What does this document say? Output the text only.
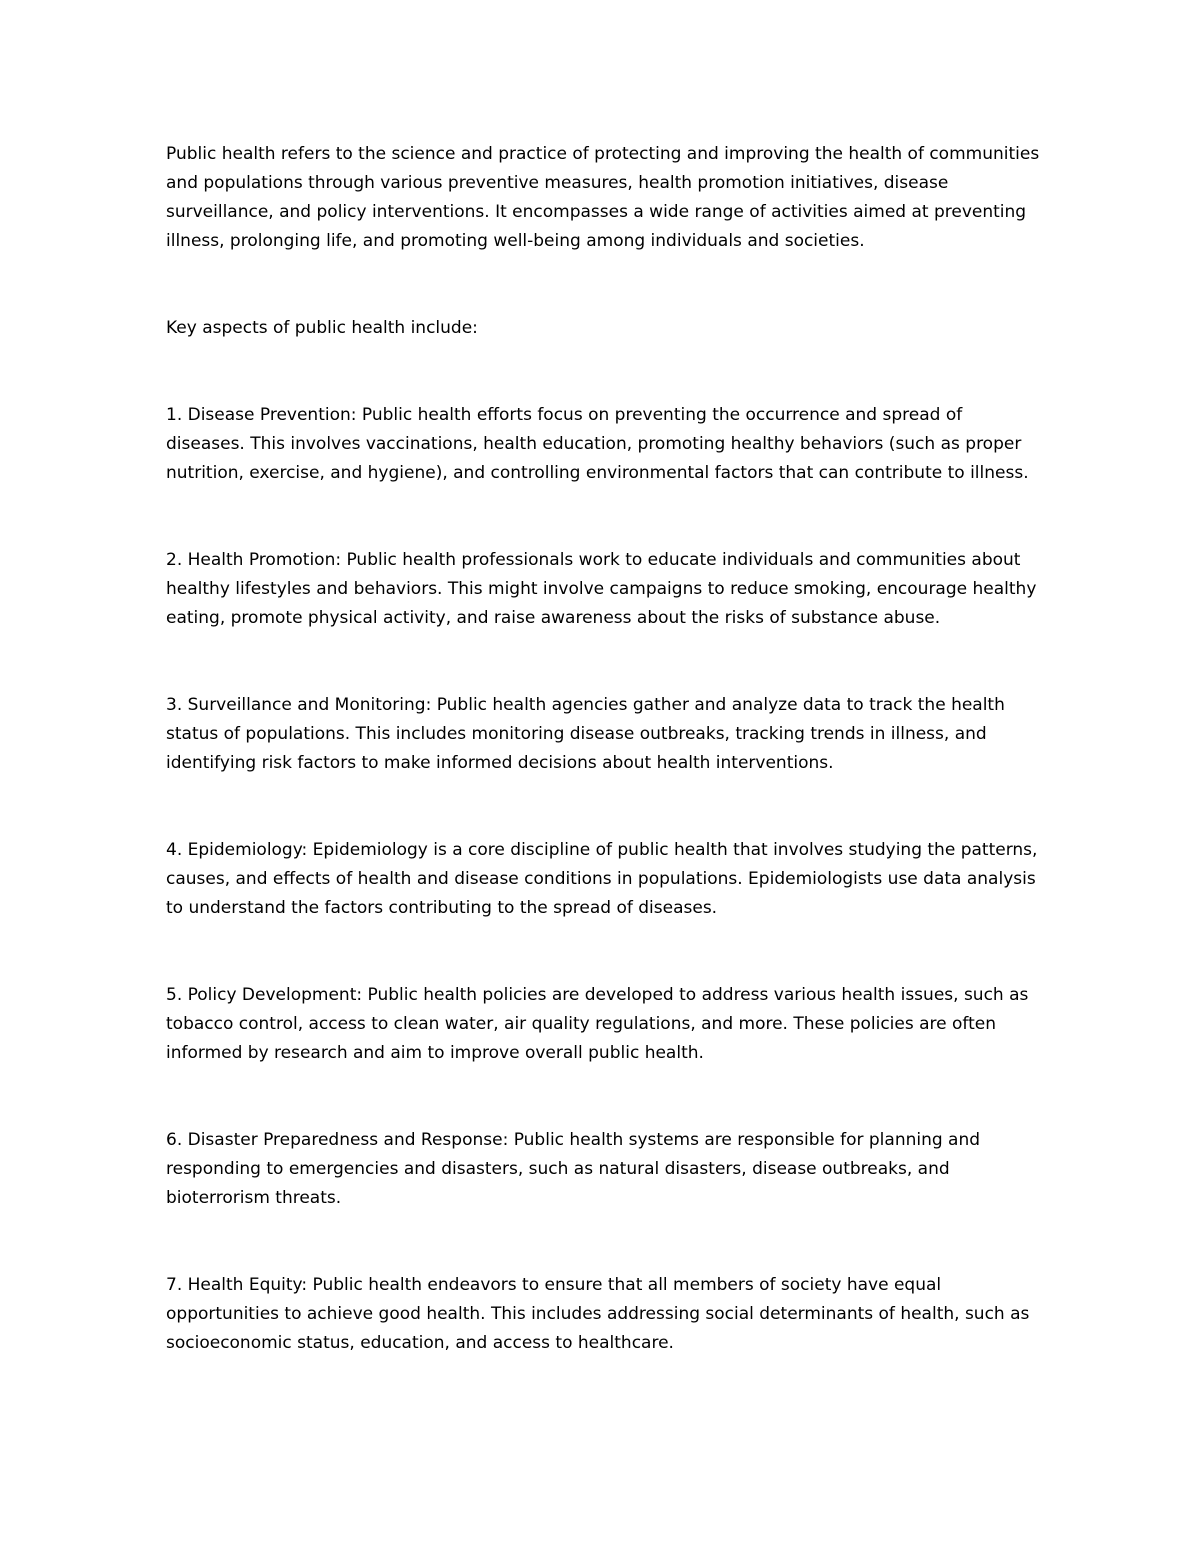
Public health refers to the science and practice of protecting and improving the health of communities and populations through various preventive measures, health promotion initiatives, disease surveillance, and policy interventions. It encompasses a wide range of activities aimed at preventing illness, prolonging life, and promoting well-being among individuals and societies.

Key aspects of public health include:

1. Disease Prevention: Public health efforts focus on preventing the occurrence and spread of diseases. This involves vaccinations, health education, promoting healthy behaviors (such as proper nutrition, exercise, and hygiene), and controlling environmental factors that can contribute to illness.

2. Health Promotion: Public health professionals work to educate individuals and communities about healthy lifestyles and behaviors. This might involve campaigns to reduce smoking, encourage healthy eating, promote physical activity, and raise awareness about the risks of substance abuse.

3. Surveillance and Monitoring: Public health agencies gather and analyze data to track the health status of populations. This includes monitoring disease outbreaks, tracking trends in illness, and identifying risk factors to make informed decisions about health interventions.

4. Epidemiology: Epidemiology is a core discipline of public health that involves studying the patterns, causes, and effects of health and disease conditions in populations. Epidemiologists use data analysis to understand the factors contributing to the spread of diseases.

5. Policy Development: Public health policies are developed to address various health issues, such as tobacco control, access to clean water, air quality regulations, and more. These policies are often informed by research and aim to improve overall public health.

6. Disaster Preparedness and Response: Public health systems are responsible for planning and responding to emergencies and disasters, such as natural disasters, disease outbreaks, and bioterrorism threats.

7. Health Equity: Public health endeavors to ensure that all members of society have equal opportunities to achieve good health. This includes addressing social determinants of health, such as socioeconomic status, education, and access to healthcare.
